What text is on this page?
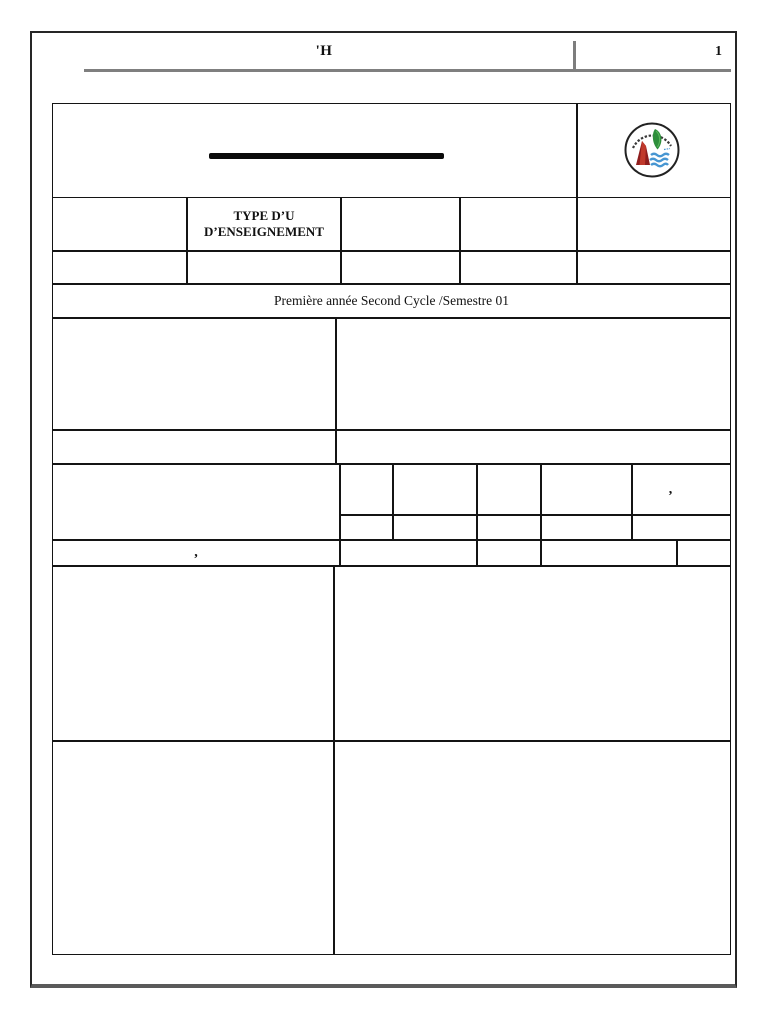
'H	1
TYPE D’U
D’ENSEIGNEMENT
Première année Second Cycle /Semestre 01
,
,
